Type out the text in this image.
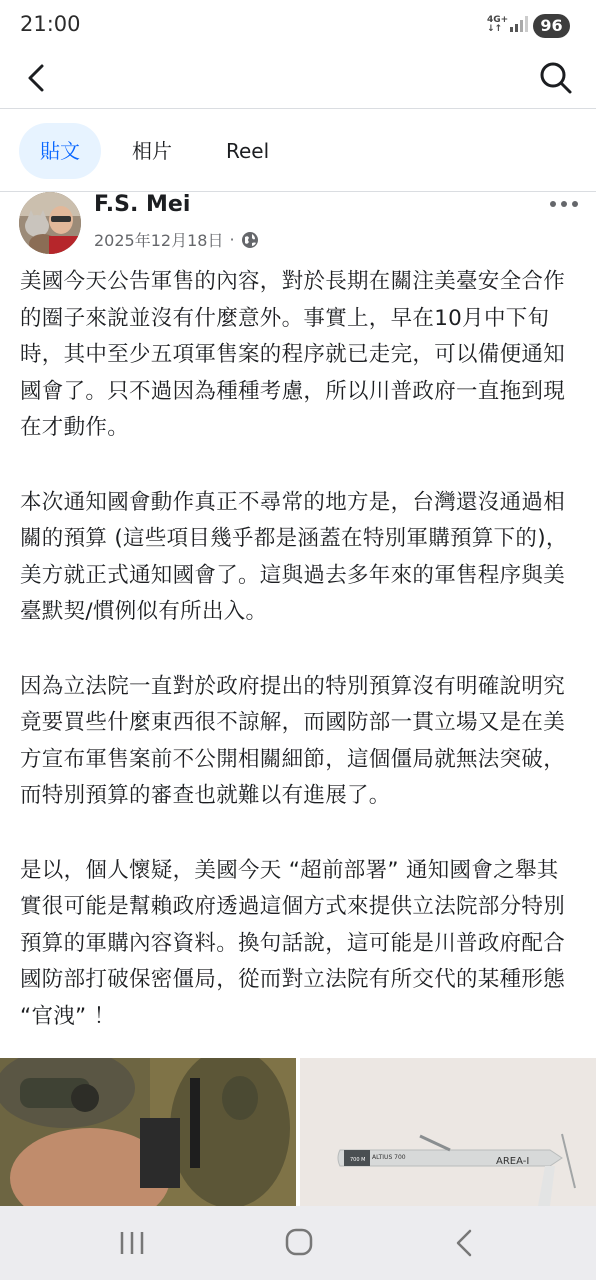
21:00	4G+
↓↑	96
貼文	相片	Reel
F.S. Mei
2025年12月18日 ·

美國今天公告軍售的內容，對於長期在關注美臺安全合作的圈子來說並沒有什麼意外。事實上，早在10月中下旬時，其中至少五項軍售案的程序就已走完，可以備便通知國會了。只不過因為種種考慮，所以川普政府一直拖到現在才動作。

本次通知國會動作真正不尋常的地方是，台灣還沒通過相關的預算 (這些項目幾乎都是涵蓋在特別軍購預算下的)，美方就正式通知國會了。這與過去多年來的軍售程序與美臺默契/慣例似有所出入。

因為立法院一直對於政府提出的特別預算沒有明確說明究竟要買些什麼東西很不諒解，而國防部一貫立場又是在美方宣布軍售案前不公開相關細節，這個僵局就無法突破，而特別預算的審查也就難以有進展了。

是以，個人懷疑，美國今天 “超前部署” 通知國會之舉其實很可能是幫賴政府透過這個方式來提供立法院部分特別預算的軍購內容資料。換句話說，這可能是川普政府配合國防部打破保密僵局，從而對立法院有所交代的某種形態 “官洩” ！

700 M ALTIUS 700	AREA-I
